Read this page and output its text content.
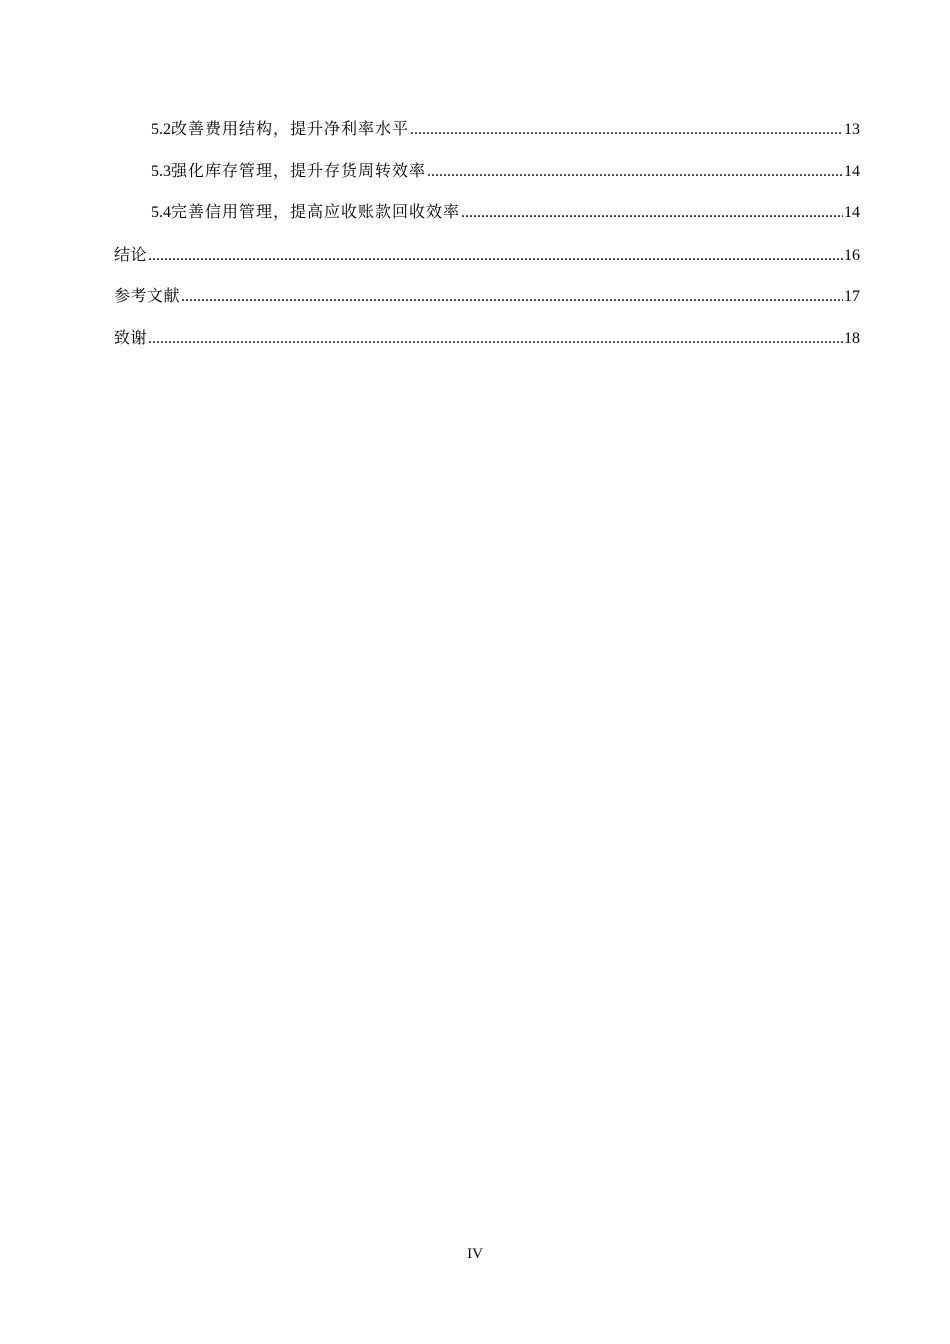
5.2 改善费用结构，提升净利率水平 .....	13
5.3 强化库存管理，提升存货周转效率 .....	14
5.4 完善信用管理，提高应收账款回收效率 .....	14
结论 .....	16
参考文献 .....	17
致谢 .....	18
IV
